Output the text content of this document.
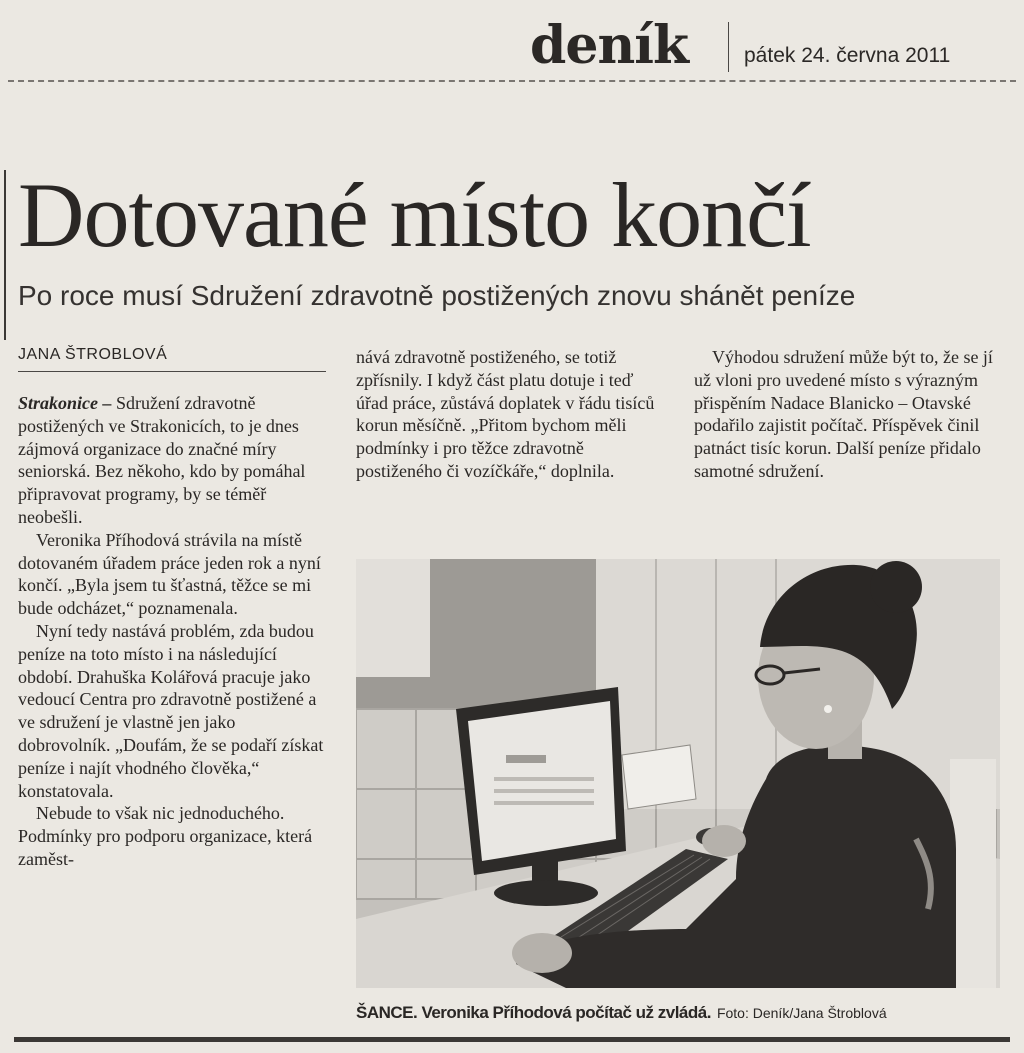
deník	pátek 24. června 2011
Dotované místo končí
Po roce musí Sdružení zdravotně postižených znovu shánět peníze
JANA ŠTROBLOVÁ

Strakonice – Sdružení zdravotně postižených ve Strakonicích, to je dnes zájmová organizace do značné míry seniorská. Bez někoho, kdo by pomáhal připravovat programy, by se téměř neobešli.

Veronika Příhodová strávila na místě dotovaném úřadem práce jeden rok a nyní končí. „Byla jsem tu šťastná, těžce se mi bude odcházet,“ poznamenala.

Nyní tedy nastává problém, zda budou peníze na toto místo i na následující období. Drahuška Kolářová pracuje jako vedoucí Centra pro zdravotně postižené a ve sdružení je vlastně jen jako dobrovolník. „Doufám, že se podaří získat peníze i najít vhodného člověka,“ konstatovala.

Nebude to však nic jednoduchého. Podmínky pro podporu organizace, která zaměst-

nává zdravotně postiženého, se totiž zpřísnily. I když část platu dotuje i teď úřad práce, zůstává doplatek v řádu tisíců korun měsíčně. „Přitom bychom měli podmínky i pro těžce zdravotně postiženého či vozíčkáře,“ doplnila.

Výhodou sdružení může být to, že se jí už vloni pro uvedené místo s výrazným přispěním Nadace Blanicko – Otavské podařilo zajistit počítač. Příspěvek činil patnáct tisíc korun. Další peníze přidalo samotné sdružení.

ŠANCE. Veronika Příhodová počítač už zvládá. Foto: Deník/Jana Štroblová
